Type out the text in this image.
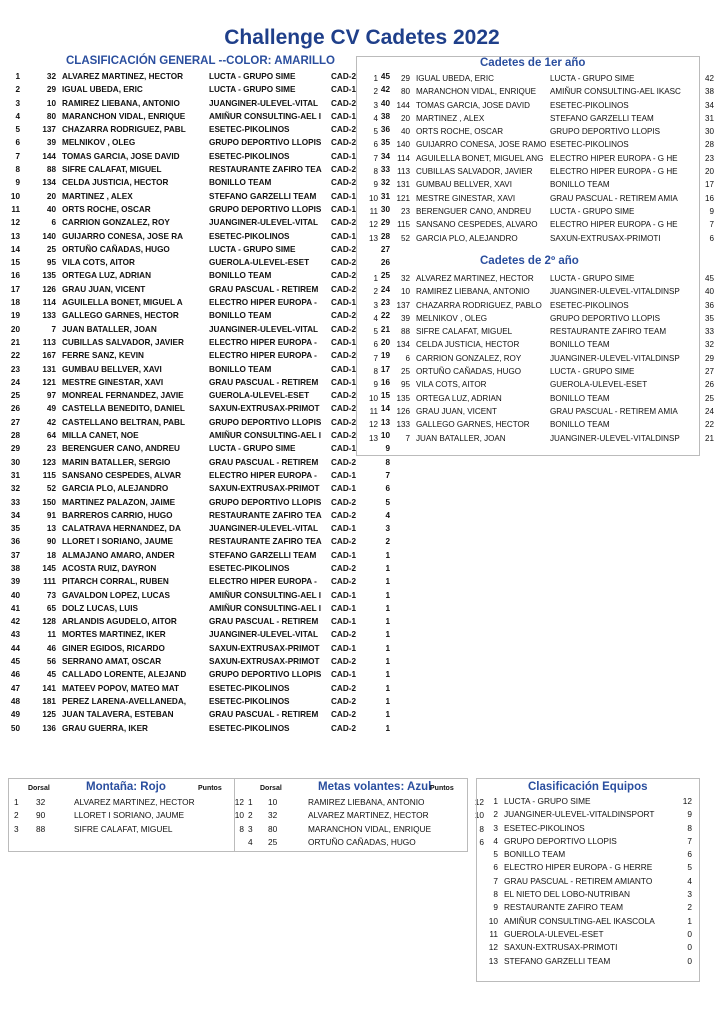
Challenge CV Cadetes 2022
CLASIFICACIÓN GENERAL --COLOR: AMARILLO
1	32	ALVAREZ MARTINEZ, HECTOR	LUCTA - GRUPO SIME	CAD-2	45
2	29	IGUAL UBEDA, ERIC	LUCTA - GRUPO SIME	CAD-1	42
3	10	RAMIREZ LIEBANA, ANTONIO	JUANGINER-ULEVEL-VITAL	CAD-2	40
4	80	MARANCHON VIDAL, ENRIQUE	AMIÑUR CONSULTING-AEL I	CAD-1	38
5	137	CHAZARRA RODRIGUEZ, PABL	ESETEC-PIKOLINOS	CAD-2	36
6	39	MELNIKOV , OLEG	GRUPO DEPORTIVO LLOPIS	CAD-2	35
7	144	TOMAS GARCIA, JOSE DAVID	ESETEC-PIKOLINOS	CAD-1	34
8	88	SIFRE CALAFAT, MIGUEL	RESTAURANTE ZAFIRO TEA	CAD-2	33
9	134	CELDA JUSTICIA, HECTOR	BONILLO TEAM	CAD-2	32
10	20	MARTINEZ , ALEX	STEFANO GARZELLI TEAM	CAD-1	31
11	40	ORTS ROCHE, OSCAR	GRUPO DEPORTIVO LLOPIS	CAD-1	30
12	6	CARRION GONZALEZ, ROY	JUANGINER-ULEVEL-VITAL	CAD-2	29
13	140	GUIJARRO CONESA, JOSE RA	ESETEC-PIKOLINOS	CAD-1	28
14	25	ORTUÑO CAÑADAS, HUGO	LUCTA - GRUPO SIME	CAD-2	27
15	95	VILA COTS, AITOR	GUEROLA-ULEVEL-ESET	CAD-2	26
16	135	ORTEGA LUZ, ADRIAN	BONILLO TEAM	CAD-2	25
17	126	GRAU JUAN, VICENT	GRAU PASCUAL - RETIREM	CAD-2	24
18	114	AGUILELLA BONET, MIGUEL A	ELECTRO HIPER EUROPA -	CAD-1	23
19	133	GALLEGO GARNES, HECTOR	BONILLO TEAM	CAD-2	22
20	7	JUAN BATALLER, JOAN	JUANGINER-ULEVEL-VITAL	CAD-2	21
21	113	CUBILLAS SALVADOR, JAVIER	ELECTRO HIPER EUROPA -	CAD-1	20
22	167	FERRE SANZ, KEVIN	ELECTRO HIPER EUROPA -	CAD-2	19
23	131	GUMBAU BELLVER, XAVI	BONILLO TEAM	CAD-1	17
24	121	MESTRE GINESTAR, XAVI	GRAU PASCUAL - RETIREM	CAD-1	16
25	97	MONREAL FERNANDEZ, JAVIE	GUEROLA-ULEVEL-ESET	CAD-2	15
26	49	CASTELLA BENEDITO, DANIEL	SAXUN-EXTRUSAX-PRIMOT	CAD-2	14
27	42	CASTELLANO BELTRAN, PABL	GRUPO DEPORTIVO LLOPIS	CAD-2	13
28	64	MILLA CANET, NOE	AMIÑUR CONSULTING-AEL I	CAD-2	10
29	23	BERENGUER CANO, ANDREU	LUCTA - GRUPO SIME	CAD-1	9
30	123	MARIN BATALLER, SERGIO	GRAU PASCUAL - RETIREM	CAD-2	8
31	115	SANSANO CESPEDES, ALVAR	ELECTRO HIPER EUROPA -	CAD-1	7
32	52	GARCIA PLO, ALEJANDRO	SAXUN-EXTRUSAX-PRIMOT	CAD-1	6
33	150	MARTINEZ PALAZON, JAIME	GRUPO DEPORTIVO LLOPIS	CAD-2	5
34	91	BARREROS CARRIO, HUGO	RESTAURANTE ZAFIRO TEA	CAD-2	4
35	13	CALATRAVA HERNANDEZ, DA	JUANGINER-ULEVEL-VITAL	CAD-1	3
36	90	LLORET I SORIANO, JAUME	RESTAURANTE ZAFIRO TEA	CAD-2	2
37	18	ALMAJANO AMARO, ANDER	STEFANO GARZELLI TEAM	CAD-1	1
38	145	ACOSTA RUIZ, DAYRON	ESETEC-PIKOLINOS	CAD-2	1
39	111	PITARCH CORRAL, RUBEN	ELECTRO HIPER EUROPA -	CAD-2	1
40	73	GAVALDON LOPEZ, LUCAS	AMIÑUR CONSULTING-AEL I	CAD-1	1
41	65	DOLZ LUCAS, LUIS	AMIÑUR CONSULTING-AEL I	CAD-1	1
42	128	ARLANDIS AGUDELO, AITOR	GRAU PASCUAL - RETIREM	CAD-1	1
43	11	MORTES MARTINEZ, IKER	JUANGINER-ULEVEL-VITAL	CAD-2	1
44	46	GINER EGIDOS, RICARDO	SAXUN-EXTRUSAX-PRIMOT	CAD-1	1
45	56	SERRANO AMAT, OSCAR	SAXUN-EXTRUSAX-PRIMOT	CAD-2	1
46	45	CALLADO LORENTE, ALEJAND	GRUPO DEPORTIVO LLOPIS	CAD-1	1
47	141	MATEEV POPOV, MATEO MAT	ESETEC-PIKOLINOS	CAD-2	1
48	181	PEREZ LARENA-AVELLANEDA,	ESETEC-PIKOLINOS	CAD-2	1
49	125	JUAN TALAVERA, ESTEBAN	GRAU PASCUAL - RETIREM	CAD-2	1
50	136	GRAU GUERRA, IKER	ESETEC-PIKOLINOS	CAD-2	1
Cadetes de 1er año
1	29	IGUAL UBEDA, ERIC	LUCTA - GRUPO SIME	42
2	80	MARANCHON VIDAL, ENRIQUE	AMIÑUR CONSULTING-AEL IKASC	38
3	144	TOMAS GARCIA, JOSE DAVID	ESETEC-PIKOLINOS	34
4	20	MARTINEZ , ALEX	STEFANO GARZELLI TEAM	31
5	40	ORTS ROCHE, OSCAR	GRUPO DEPORTIVO LLOPIS	30
6	140	GUIJARRO CONESA, JOSE RAMO	ESETEC-PIKOLINOS	28
7	114	AGUILELLA BONET, MIGUEL ANG	ELECTRO HIPER EUROPA - G HE	23
8	113	CUBILLAS SALVADOR, JAVIER	ELECTRO HIPER EUROPA - G HE	20
9	131	GUMBAU BELLVER, XAVI	BONILLO TEAM	17
10	121	MESTRE GINESTAR, XAVI	GRAU PASCUAL - RETIREM AMIA	16
11	23	BERENGUER CANO, ANDREU	LUCTA - GRUPO SIME	9
12	115	SANSANO CESPEDES, ALVARO	ELECTRO HIPER EUROPA - G HE	7
13	52	GARCIA PLO, ALEJANDRO	SAXUN-EXTRUSAX-PRIMOTI	6
Cadetes de 2º año
1	32	ALVAREZ MARTINEZ, HECTOR	LUCTA - GRUPO SIME	45
2	10	RAMIREZ LIEBANA, ANTONIO	JUANGINER-ULEVEL-VITALDINSP	40
3	137	CHAZARRA RODRIGUEZ, PABLO	ESETEC-PIKOLINOS	36
4	39	MELNIKOV , OLEG	GRUPO DEPORTIVO LLOPIS	35
5	88	SIFRE CALAFAT, MIGUEL	RESTAURANTE ZAFIRO TEAM	33
6	134	CELDA JUSTICIA, HECTOR	BONILLO TEAM	32
7	6	CARRION GONZALEZ, ROY	JUANGINER-ULEVEL-VITALDINSP	29
8	25	ORTUÑO CAÑADAS, HUGO	LUCTA - GRUPO SIME	27
9	95	VILA COTS, AITOR	GUEROLA-ULEVEL-ESET	26
10	135	ORTEGA LUZ, ADRIAN	BONILLO TEAM	25
11	126	GRAU JUAN, VICENT	GRAU PASCUAL - RETIREM AMIA	24
12	133	GALLEGO GARNES, HECTOR	BONILLO TEAM	22
13	7	JUAN BATALLER, JOAN	JUANGINER-ULEVEL-VITALDINSP	21
Dorsal	Montaña: Rojo	Puntos
1	32	ALVAREZ MARTINEZ, HECTOR	12
2	90	LLORET I SORIANO, JAUME	10
3	88	SIFRE CALAFAT, MIGUEL	8
Dorsal	Metas volantes: Azul
Puntos
1	10	RAMIREZ LIEBANA, ANTONIO	12
2	32	ALVAREZ MARTINEZ, HECTOR	10
3	80	MARANCHON VIDAL, ENRIQUE	8
4	25	ORTUÑO CAÑADAS, HUGO	6
Clasificación Equipos
1	LUCTA - GRUPO SIME	12
2	JUANGINER-ULEVEL-VITALDINSPORT	9
3	ESETEC-PIKOLINOS	8
4	GRUPO DEPORTIVO LLOPIS	7
5	BONILLO TEAM	6
6	ELECTRO HIPER EUROPA - G HERRE	5
7	GRAU PASCUAL - RETIREM AMIANTO	4
8	EL NIETO DEL LOBO-NUTRIBAN	3
9	RESTAURANTE ZAFIRO TEAM	2
10	AMIÑUR CONSULTING-AEL IKASCOLA	1
11	GUEROLA-ULEVEL-ESET	0
12	SAXUN-EXTRUSAX-PRIMOTI	0
13	STEFANO GARZELLI TEAM	0
